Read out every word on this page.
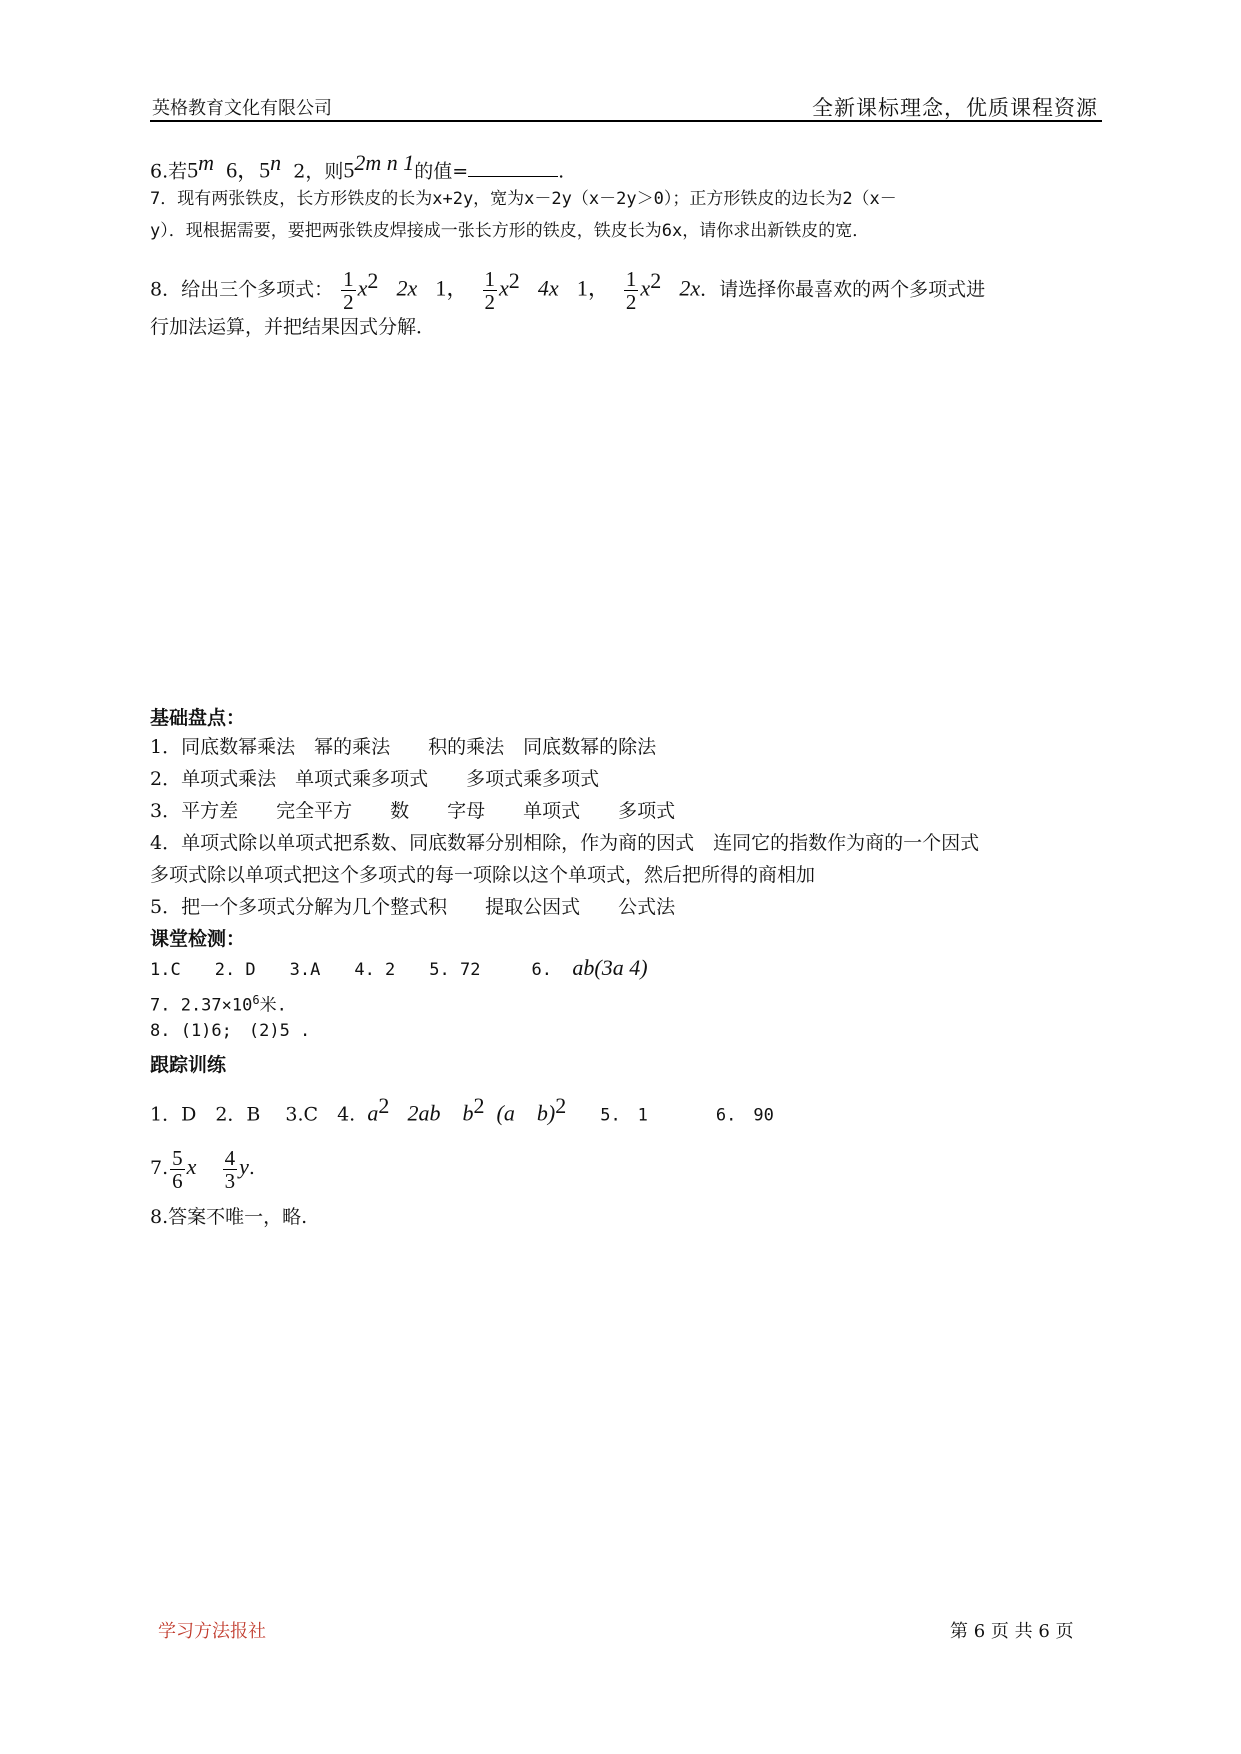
英格教育文化有限公司	全新课标理念，优质课程资源
6.若5$^m$ 6，5$^n$ 2，则$5^{2m n 1}$的值=	.
7．现有两张铁皮，长方形铁皮的长为x+2y，宽为x－2y（x－2y＞0）；正方形铁皮的边长为2（x－
y）．现根据需要，要把两张铁皮焊接成一张长方形的铁皮，铁皮长为6x，请你求出新铁皮的宽．
8．给出三个多项式： $\frac{1}{2} x^2$ 2x 1， $\frac{1}{2} x^2$ 4x 1， $\frac{1}{2} x^2$ 2x．请选择你最喜欢的两个多项式进
行加法运算，并把结果因式分解．
基础盘点：
1．同底数幂乘法　幂的乘法　　积的乘法　同底数幂的除法
2．单项式乘法　单项式乘多项式　　多项式乘多项式
3．平方差　　完全平方　　数　　字母　　单项式　　多项式
4．单项式除以单项式把系数、同底数幂分别相除，作为商的因式　连同它的指数作为商的一个因式
多项式除以单项式把这个多项式的每一项除以这个单项式，然后把所得的商相加
5．把一个多项式分解为几个整式积　　提取公因式　　公式法
课堂检测：
1.C　　2. D　　3.A　　4. 2　　5. 72　　　6. ab(3a 4)
7. $2.37\times 10^6$米.
8. (1)6;　(2)5 .
跟踪训练
1．D　2．B　 3.C　4. $a^2$ 2ab　$b^2$ (a　b)$^2$　　5.　1　　　　6.　90
7. $\frac{5}{6}$ x $\frac{4}{3} y$.
8.答案不唯一，略.
学习方法报社	第 6 页 共 6 页
